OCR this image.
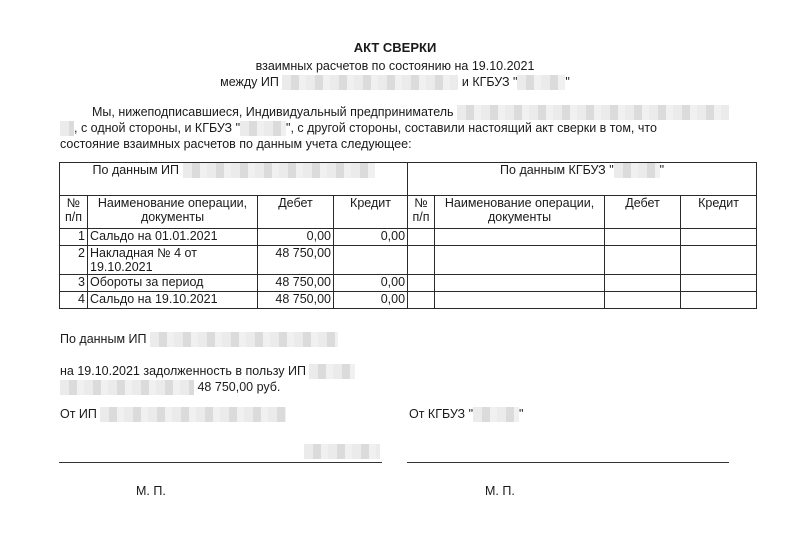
АКТ СВЕРКИ
взаимных расчетов по состоянию на 19.10.2021
между ИП	и КГБУЗ "	"
Мы, нижеподписавшиеся, Индивидуальный предприниматель
, с одной стороны, и КГБУЗ "	", с другой стороны, составили настоящий акт сверки в том, что
состояние взаимных расчетов по данным учета следующее:
По данным ИП				По данным КГБУЗ " "			
№ п/п	Наименование операции, документы	Дебет	Кредит	№ п/п	Наименование операции, документы	Дебет	Кредит
1	Сальдо на 01.01.2021	0,00	0,00				
2	Накладная № 4 от 19.10.2021	48 750,00					
3	Обороты за период	48 750,00	0,00				
4	Сальдо на 19.10.2021	48 750,00	0,00				
По данным ИП
на 19.10.2021 задолженность в пользу ИП
48 750,00 руб.
От ИП	От КГБУЗ "	"
М. П.	М. П.
